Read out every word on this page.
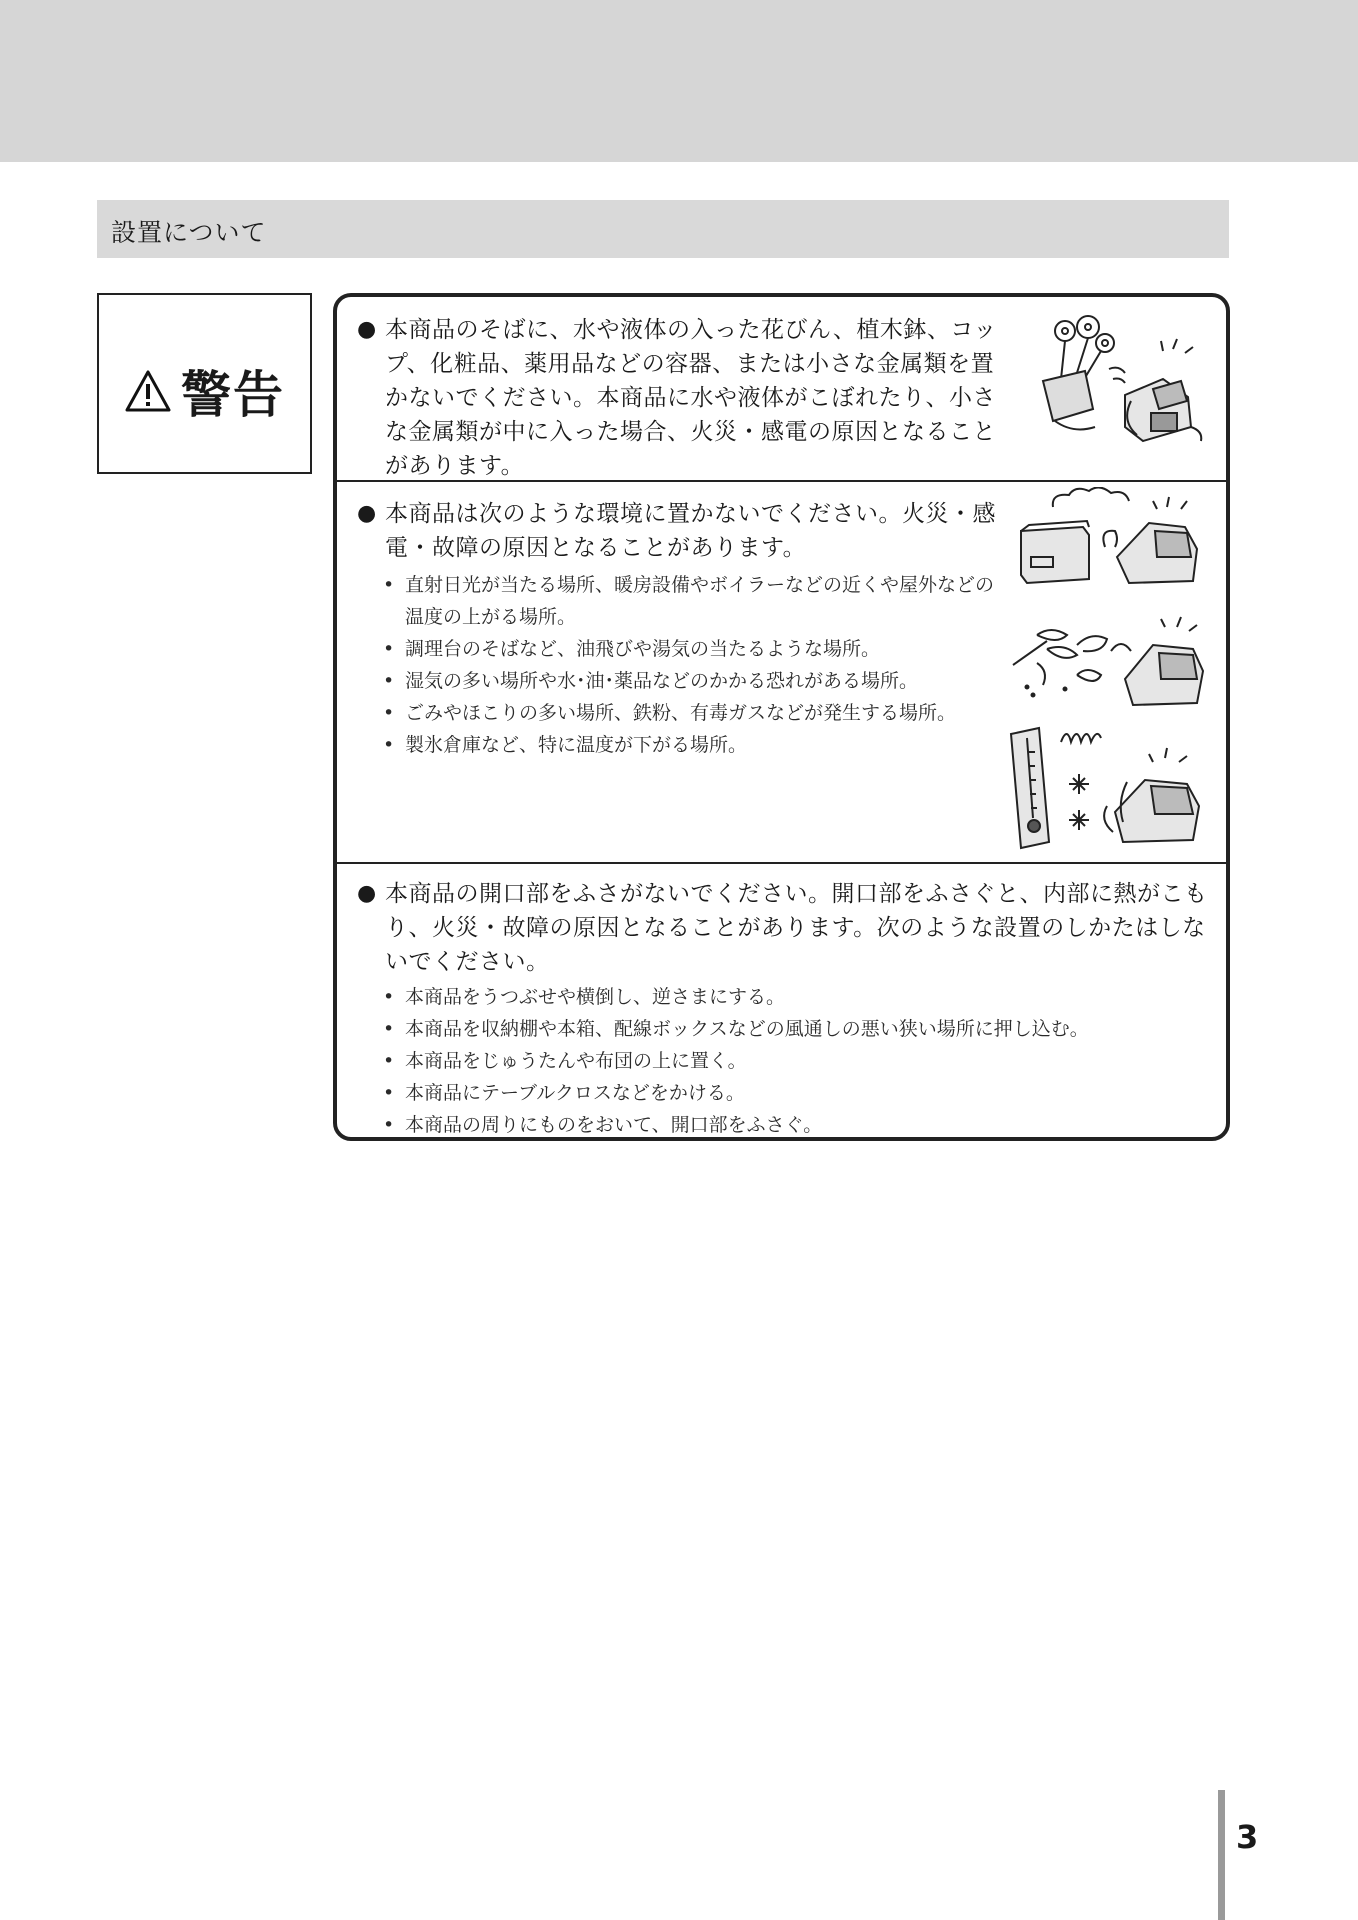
設置について
警告
● 本商品のそばに、水や液体の入った花びん、植木鉢、コップ、化粧品、薬用品などの容器、または小さな金属類を置かないでください。本商品に水や液体がこぼれたり、小さな金属類が中に入った場合、火災・感電の原因となることがあります。
● 本商品は次のような環境に置かないでください。火災・感電・故障の原因となることがあります。
• 直射日光が当たる場所、暖房設備やボイラーなどの近くや屋外などの温度の上がる場所。
• 調理台のそばなど、油飛びや湯気の当たるような場所。
• 湿気の多い場所や水･油･薬品などのかかる恐れがある場所。
• ごみやほこりの多い場所、鉄粉、有毒ガスなどが発生する場所。
• 製氷倉庫など、特に温度が下がる場所。
● 本商品の開口部をふさがないでください。開口部をふさぐと、内部に熱がこもり、火災・故障の原因となることがあります。次のような設置のしかたはしないでください。
• 本商品をうつぶせや横倒し、逆さまにする。
• 本商品を収納棚や本箱、配線ボックスなどの風通しの悪い狭い場所に押し込む。
• 本商品をじゅうたんや布団の上に置く。
• 本商品にテーブルクロスなどをかける。
• 本商品の周りにものをおいて、開口部をふさぐ。
3
